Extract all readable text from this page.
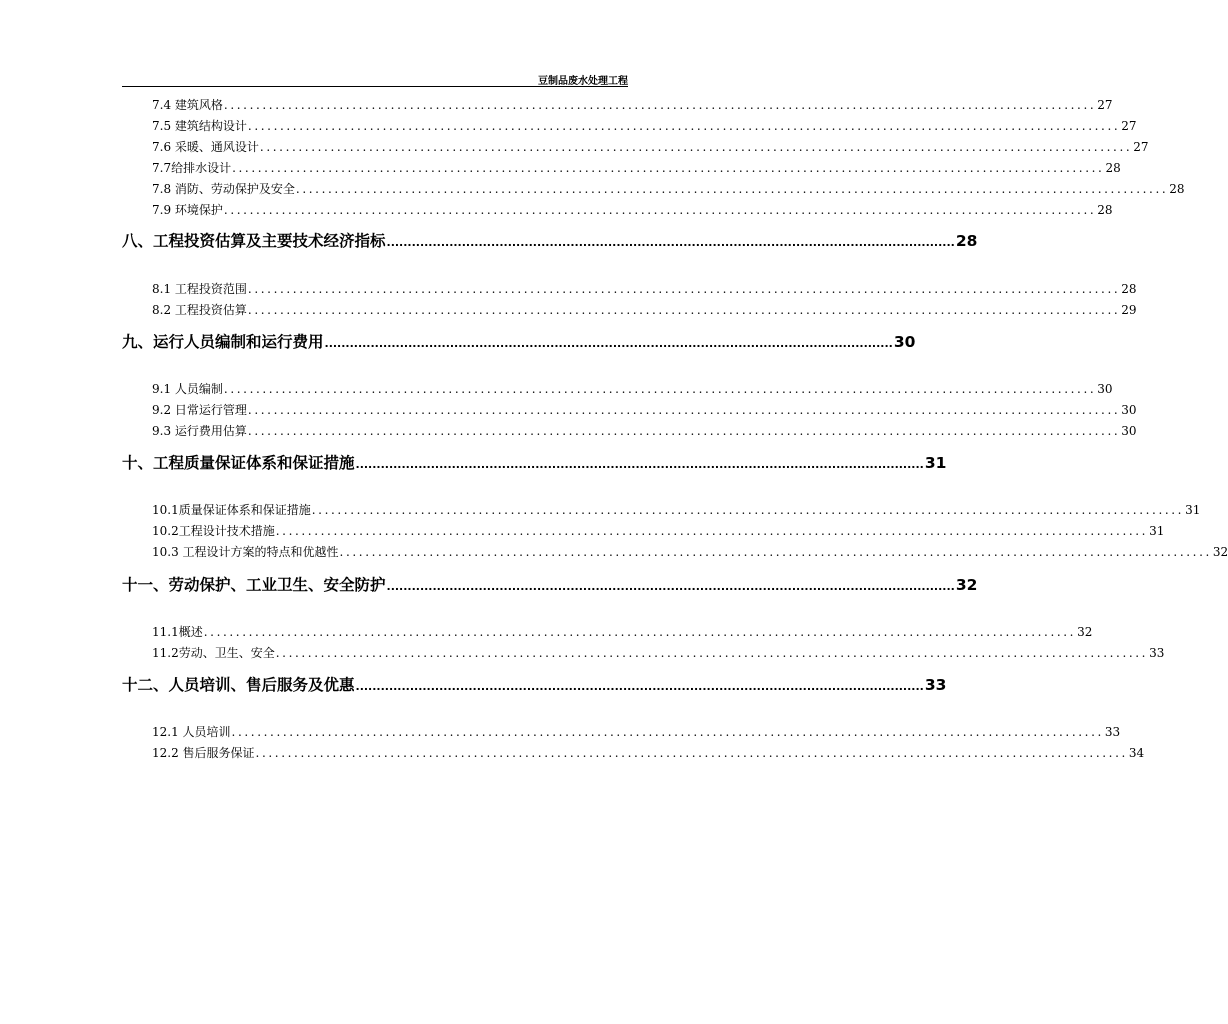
豆制品废水处理工程
7.4 建筑风格 ........................................................................................................................................ 27
7.5 建筑结构设计 ........................................................................................................................................ 27
7.6 采暖、通风设计 ........................................................................................................................................ 27
7.7给排水设计 ........................................................................................................................................ 28
7.8 消防、劳动保护及安全 ........................................................................................................................................ 28
7.9 环境保护 ........................................................................................................................................ 28
八、工程投资估算及主要技术经济指标 ........................................................................................................................................ 28
8.1 工程投资范围 ........................................................................................................................................ 28
8.2 工程投资估算 ........................................................................................................................................ 29
九、运行人员编制和运行费用 ........................................................................................................................................ 30
9.1 人员编制 ........................................................................................................................................ 30
9.2 日常运行管理 ........................................................................................................................................ 30
9.3 运行费用估算 ........................................................................................................................................ 30
十、工程质量保证体系和保证措施 ........................................................................................................................................ 31
10.1质量保证体系和保证措施 ........................................................................................................................................ 31
10.2工程设计技术措施 ........................................................................................................................................ 31
10.3 工程设计方案的特点和优越性 ........................................................................................................................................ 32
十一、劳动保护、工业卫生、安全防护 ........................................................................................................................................ 32
11.1概述 ........................................................................................................................................ 32
11.2劳动、卫生、安全 ........................................................................................................................................ 33
十二、人员培训、售后服务及优惠 ........................................................................................................................................ 33
12.1 人员培训 ........................................................................................................................................ 33
12.2 售后服务保证 ........................................................................................................................................ 34
